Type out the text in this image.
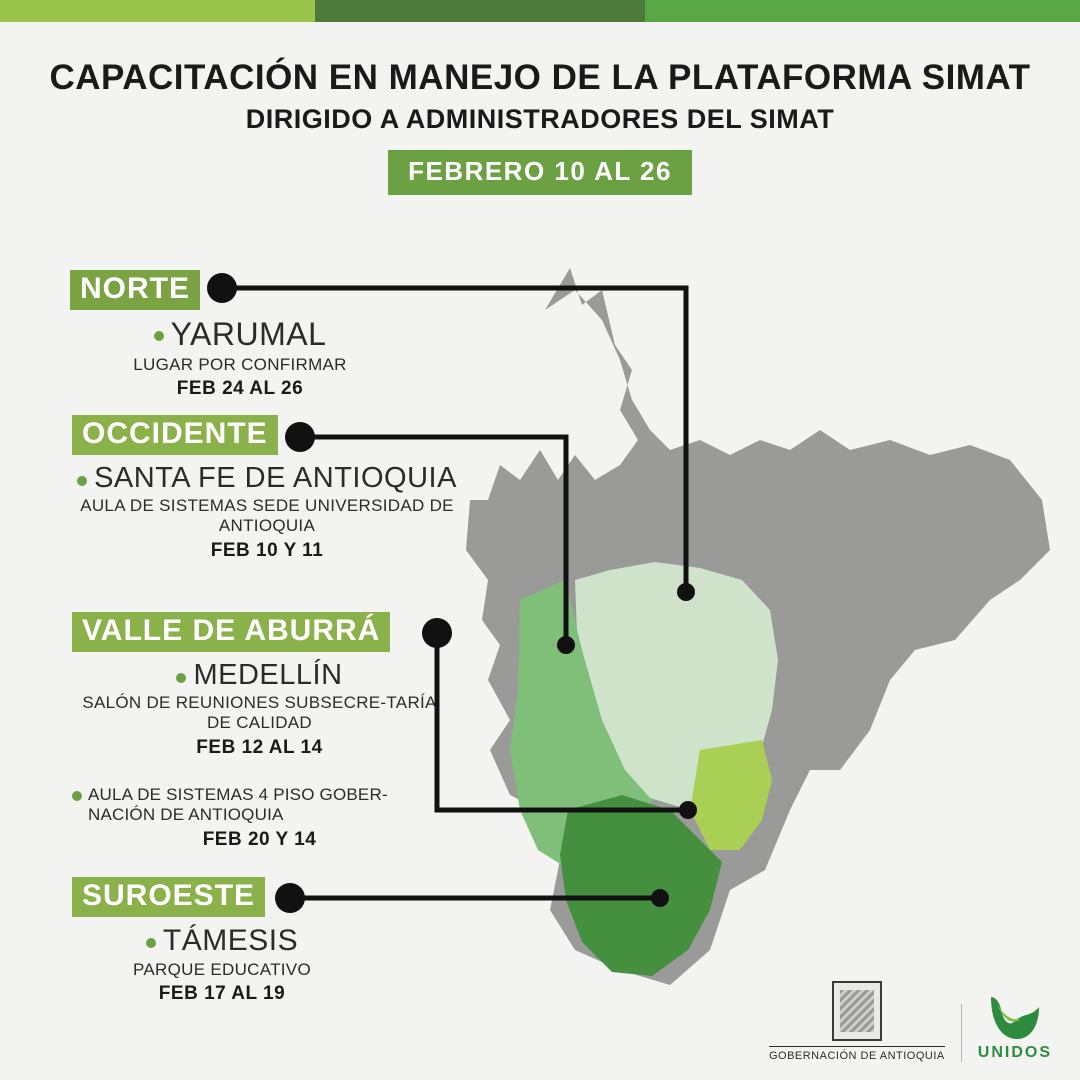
CAPACITACIÓN EN MANEJO DE LA PLATAFORMA SIMAT
DIRIGIDO A ADMINISTRADORES DEL SIMAT
FEBRERO 10 AL 26
NORTE
YARUMAL
LUGAR POR CONFIRMAR
FEB 24 AL 26
OCCIDENTE
SANTA FE DE ANTIOQUIA
AULA DE SISTEMAS SEDE UNIVERSIDAD DE ANTIOQUIA
FEB 10 Y 11
VALLE DE ABURRÁ
MEDELLÍN
SALÓN DE REUNIONES SUBSECRE-TARÍA DE CALIDAD
FEB 12 AL 14
AULA DE SISTEMAS 4 PISO GOBER-NACIÓN DE ANTIOQUIA
FEB 20 Y 14
SUROESTE
TÁMESIS
PARQUE EDUCATIVO
FEB 17 AL 19
GOBERNACIÓN DE ANTIOQUIA UNIDOS
